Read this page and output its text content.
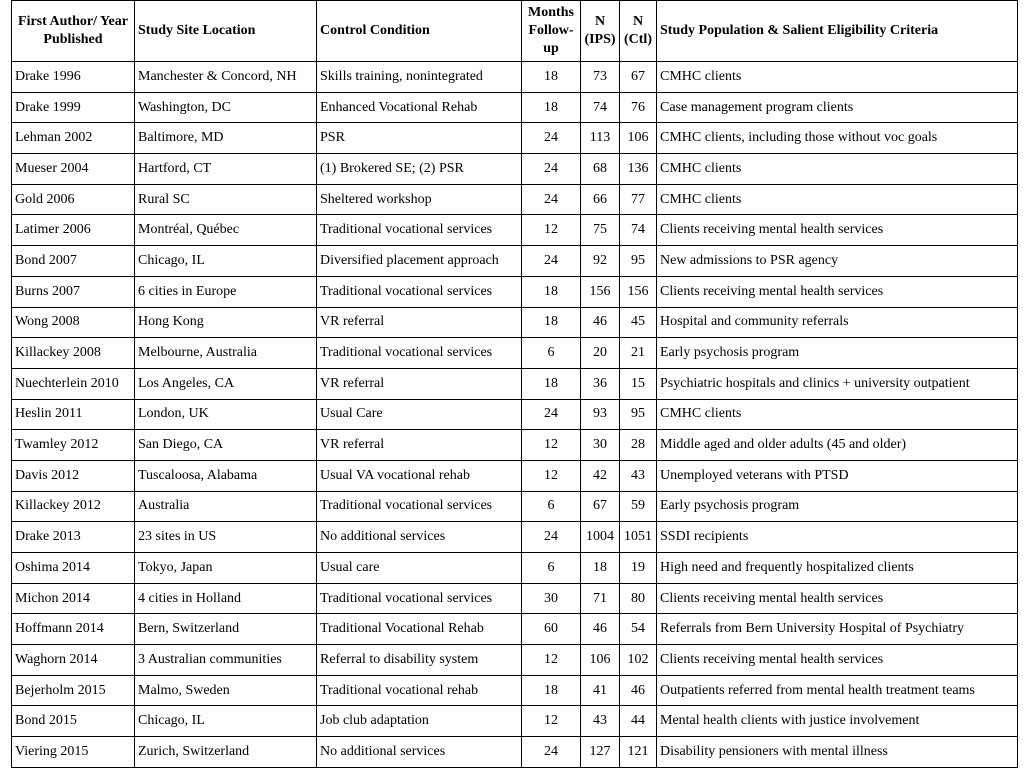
First Author/ Year Published	Study Site Location	Control Condition	Months Follow-up	N (IPS)	N (Ctl)	Study Population & Salient Eligibility Criteria
Drake 1996	Manchester & Concord, NH	Skills training, nonintegrated	18	73	67	CMHC clients
Drake 1999	Washington, DC	Enhanced Vocational Rehab	18	74	76	Case management program clients
Lehman 2002	Baltimore, MD	PSR	24	113	106	CMHC clients, including those without voc goals
Mueser 2004	Hartford, CT	(1) Brokered SE; (2) PSR	24	68	136	CMHC clients
Gold 2006	Rural SC	Sheltered workshop	24	66	77	CMHC clients
Latimer 2006	Montréal, Québec	Traditional vocational services	12	75	74	Clients receiving mental health services
Bond 2007	Chicago, IL	Diversified placement approach	24	92	95	New admissions to PSR agency
Burns 2007	6 cities in Europe	Traditional vocational services	18	156	156	Clients receiving mental health services
Wong 2008	Hong Kong	VR referral	18	46	45	Hospital and community referrals
Killackey 2008	Melbourne, Australia	Traditional vocational services	6	20	21	Early psychosis program
Nuechterlein 2010	Los Angeles, CA	VR referral	18	36	15	Psychiatric hospitals and clinics + university outpatient
Heslin 2011	London, UK	Usual Care	24	93	95	CMHC clients
Twamley 2012	San Diego, CA	VR referral	12	30	28	Middle aged and older adults (45 and older)
Davis 2012	Tuscaloosa, Alabama	Usual VA vocational rehab	12	42	43	Unemployed veterans with PTSD
Killackey 2012	Australia	Traditional vocational services	6	67	59	Early psychosis program
Drake 2013	23 sites in US	No additional services	24	1004	1051	SSDI recipients
Oshima 2014	Tokyo, Japan	Usual care	6	18	19	High need and frequently hospitalized clients
Michon 2014	4 cities in Holland	Traditional vocational services	30	71	80	Clients receiving mental health services
Hoffmann 2014	Bern, Switzerland	Traditional Vocational Rehab	60	46	54	Referrals from Bern University Hospital of Psychiatry
Waghorn 2014	3 Australian communities	Referral to disability system	12	106	102	Clients receiving mental health services
Bejerholm 2015	Malmo, Sweden	Traditional vocational rehab	18	41	46	Outpatients referred from mental health treatment teams
Bond 2015	Chicago, IL	Job club adaptation	12	43	44	Mental health clients with justice involvement
Viering 2015	Zurich, Switzerland	No additional services	24	127	121	Disability pensioners with mental illness
